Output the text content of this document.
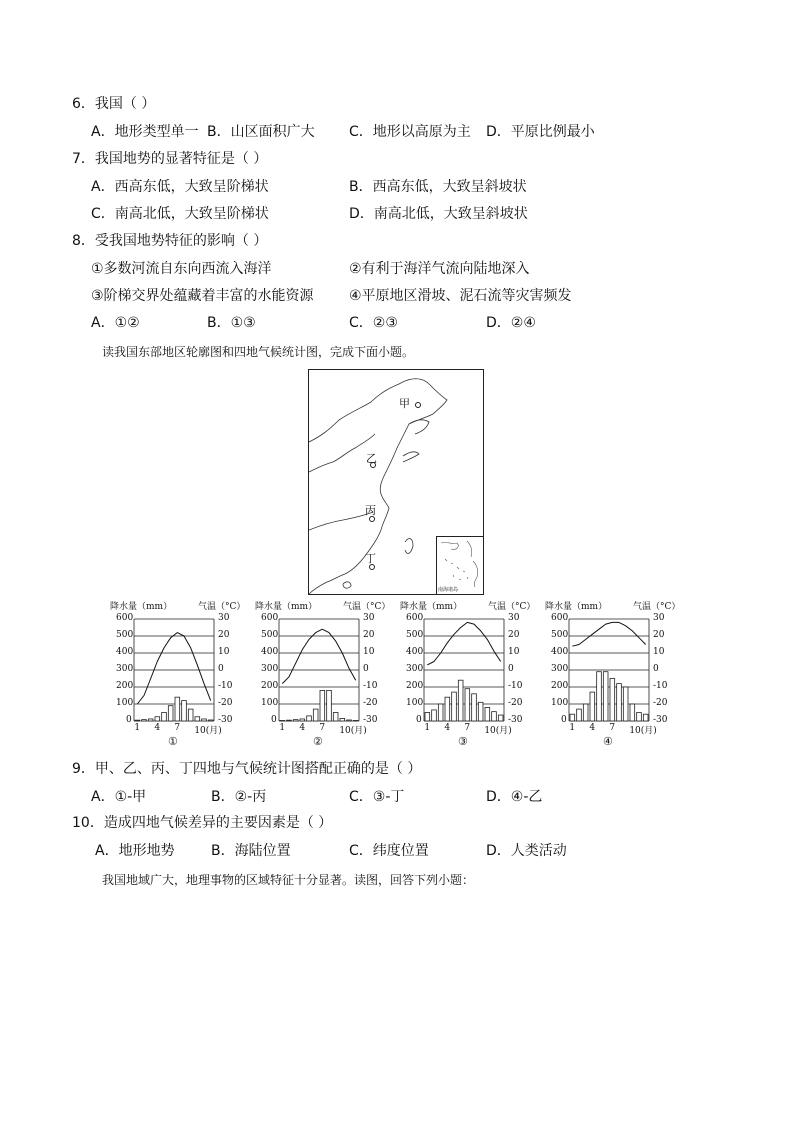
6．我国（ ）
A．地形类型单一 B．山区面积广大 C．地形以高原为主 D．平原比例最小
7．我国地势的显著特征是（ ）
A．西高东低，大致呈阶梯状	B．西高东低，大致呈斜坡状
C．南高北低，大致呈阶梯状	D．南高北低，大致呈斜坡状
8．受我国地势特征的影响（ ）
①多数河流自东向西流入海洋	②有利于海洋气流向陆地深入
③阶梯交界处蕴藏着丰富的水能资源	④平原地区滑坡、泥石流等灾害频发
A．①②	B．①③	C．②③	D．②④
读我国东部地区轮廓图和四地气候统计图，完成下面小题。
甲
乙
丙
丁
南海诸岛
降水量（mm）	气温（°C）
600
500
400
300
200
100
0
30
20
10
0
-10
-20
-30
1 4 7 10(月)
①
降水量（mm）	气温（°C）
600
500
400
300
200
100
0
30
20
10
0
-10
-20
-30
1 4 7 10(月)
②
降水量（mm）	气温（°C）
600
500
400
300
200
100
0
30
20
10
0
-10
-20
-30
1 4 7 10(月)
③
降水量（mm）	气温（°C）
600
500
400
300
200
100
0
30
20
10
0
-10
-20
-30
1 4 7 10(月)
④
9．甲、乙、丙、丁四地与气候统计图搭配正确的是（ ）
A．①-甲	B．②-丙	C．③-丁	D．④-乙
10．造成四地气候差异的主要因素是（ ）
A．地形地势	B．海陆位置	C．纬度位置	D．人类活动
我国地域广大，地理事物的区域特征十分显著。读图，回答下列小题：
